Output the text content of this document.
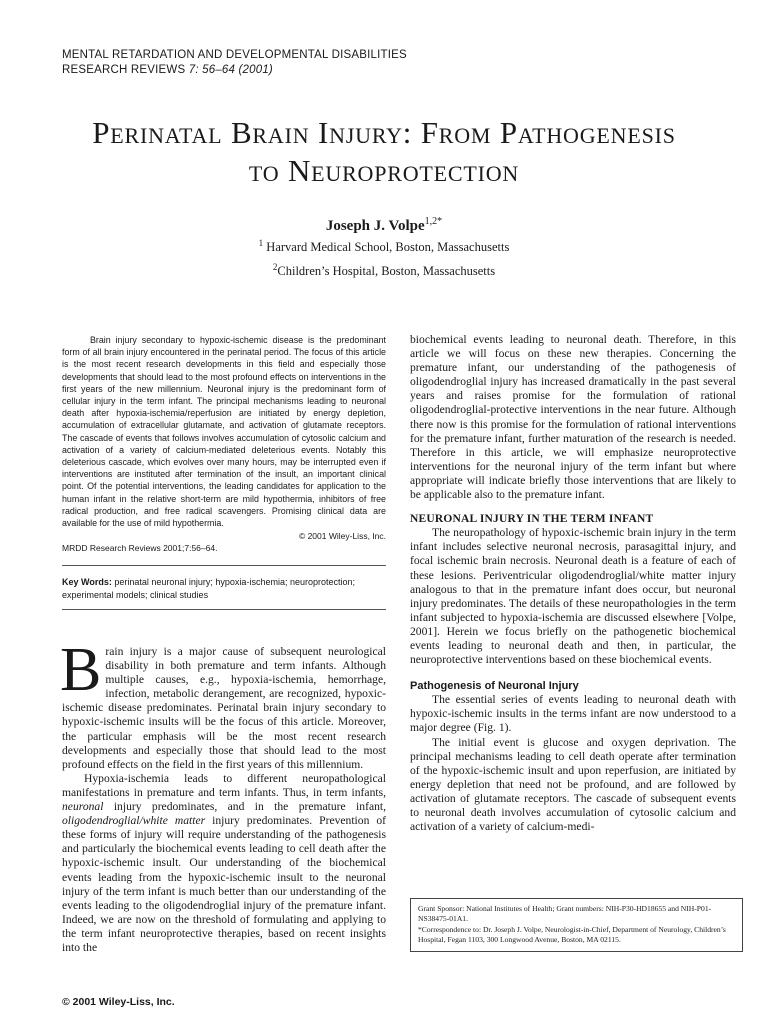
MENTAL RETARDATION AND DEVELOPMENTAL DISABILITIES
RESEARCH REVIEWS 7: 56–64 (2001)
Perinatal Brain Injury: From Pathogenesis
to Neuroprotection
Joseph J. Volpe$^{1,2*}$
$^1$ Harvard Medical School, Boston, Massachusetts
$^2$Children’s Hospital, Boston, Massachusetts

Brain injury secondary to hypoxic-ischemic disease is the predominant form of all brain injury encountered in the perinatal period. The focus of this article is the most recent research developments in this field and especially those developments that should lead to the most profound effects on interventions in the first years of the new millennium. Neuronal injury is the predominant form of cellular injury in the term infant. The principal mechanisms leading to neuronal death after hypoxia-ischemia/reperfusion are initiated by energy depletion, accumulation of extracellular glutamate, and activation of glutamate receptors. The cascade of events that follows involves accumulation of cytosolic calcium and activation of a variety of calcium-mediated deleterious events. Notably this deleterious cascade, which evolves over many hours, may be interrupted even if interventions are instituted after termination of the insult, an important clinical point. Of the potential interventions, the leading candidates for application to the human infant in the relative short-term are mild hypothermia, inhibitors of free radical production, and free radical scavengers. Promising clinical data are available for the use of mild hypothermia.

© 2001 Wiley-Liss, Inc.
MRDD Research Reviews 2001;7:56–64.

Key Words: perinatal neuronal injury; hypoxia-ischemia; neuroprotection; experimental models; clinical studies

Brain injury is a major cause of subsequent neurological disability in both premature and term infants. Although multiple causes, e.g., hypoxia-ischemia, hemorrhage, infection, metabolic derangement, are recognized, hypoxic-ischemic disease predominates. Perinatal brain injury secondary to hypoxic-ischemic insults will be the focus of this article. Moreover, the particular emphasis will be the most recent research developments and especially those that should lead to the most profound effects on the field in the first years of this millennium.

Hypoxia-ischemia leads to different neuropathological manifestations in premature and term infants. Thus, in term infants, neuronal injury predominates, and in the premature infant, oligodendroglial/white matter injury predominates. Prevention of these forms of injury will require understanding of the pathogenesis and particularly the biochemical events leading to cell death after the hypoxic-ischemic insult. Our understanding of the biochemical events leading from the hypoxic-ischemic insult to the neuronal injury of the term infant is much better than our understanding of the events leading to the oligodendroglial injury of the premature infant. Indeed, we are now on the threshold of formulating and applying to the term infant neuroprotective therapies, based on recent insights into the

biochemical events leading to neuronal death. Therefore, in this article we will focus on these new therapies. Concerning the premature infant, our understanding of the pathogenesis of oligodendroglial injury has increased dramatically in the past several years and raises promise for the formulation of rational oligodendroglial-protective interventions in the near future. Although there now is this promise for the formulation of rational interventions for the premature infant, further maturation of the research is needed. Therefore in this article, we will emphasize neuroprotective interventions for the neuronal injury of the term infant but where appropriate will indicate briefly those interventions that are likely to be applicable also to the premature infant.

NEURONAL INJURY IN THE TERM INFANT

The neuropathology of hypoxic-ischemic brain injury in the term infant includes selective neuronal necrosis, parasagittal injury, and focal ischemic brain necrosis. Neuronal death is a feature of each of these lesions. Periventricular oligodendroglial/white matter injury analogous to that in the premature infant does occur, but neuronal injury predominates. The details of these neuropathologies in the term infant subjected to hypoxia-ischemia are discussed elsewhere [Volpe, 2001]. Herein we focus briefly on the pathogenetic biochemical events leading to neuronal death and then, in particular, the neuroprotective interventions based on these biochemical events.

Pathogenesis of Neuronal Injury

The essential series of events leading to neuronal death with hypoxic-ischemic insults in the terms infant are now understood to a major degree (Fig. 1).

The initial event is glucose and oxygen deprivation. The principal mechanisms leading to cell death operate after termination of the hypoxic-ischemic insult and upon reperfusion, are initiated by energy depletion that need not be profound, and are followed by activation of glutamate receptors. The cascade of subsequent events to neuronal death involves accumulation of cytosolic calcium and activation of a variety of calcium-medi-

Grant Sponsor: National Institutes of Health; Grant numbers: NIH-P30-HD18655 and NIH-P01-NS38475-01A1.

*Correspondence to: Dr. Joseph J. Volpe, Neurologist-in-Chief, Department of Neurology, Children’s Hospital, Fegan 1103, 300 Longwood Avenue, Boston, MA 02115.

© 2001 Wiley-Liss, Inc.
